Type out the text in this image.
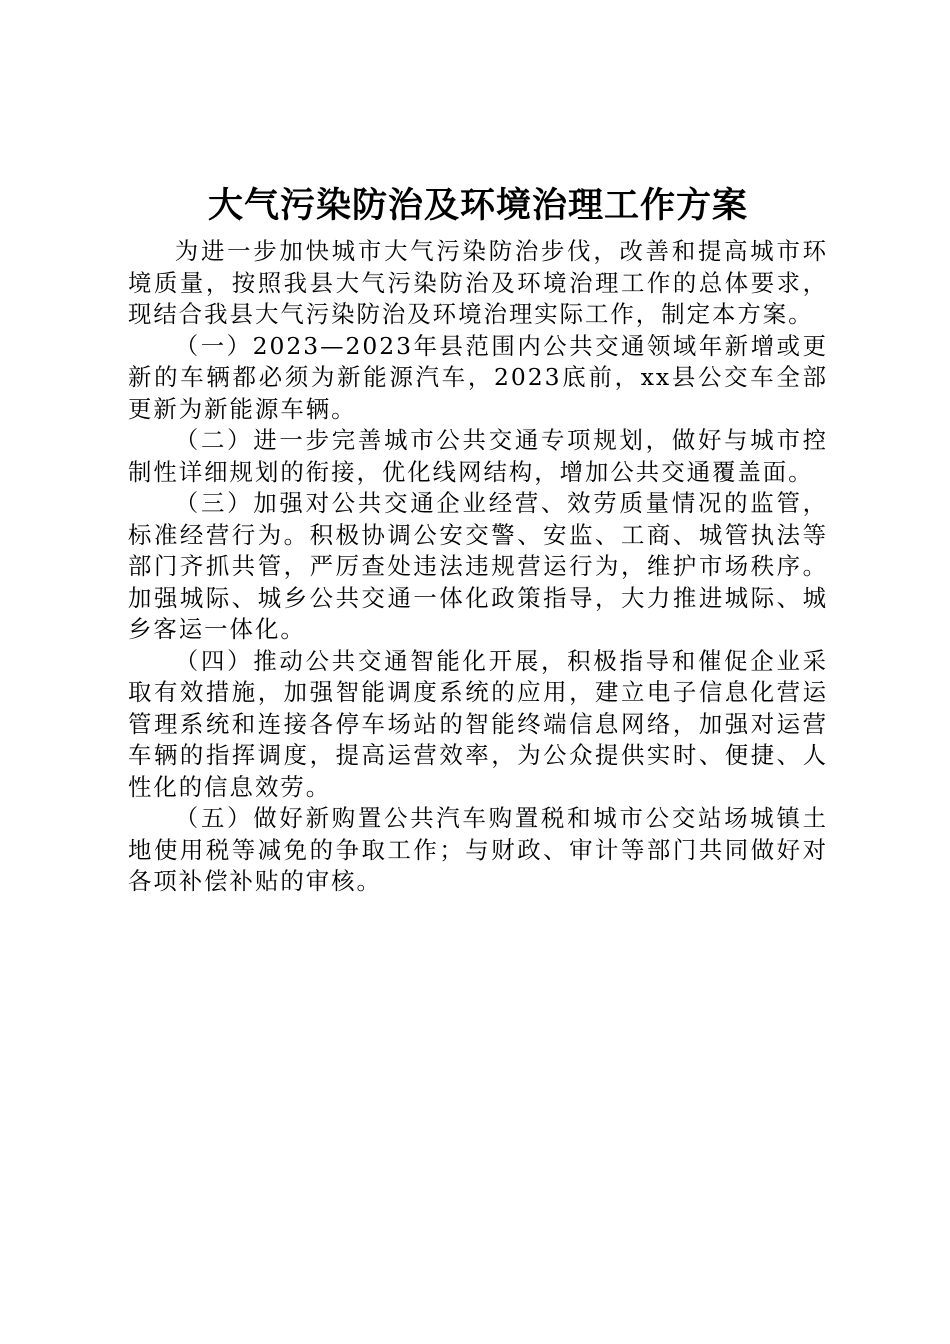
大气污染防治及环境治理工作方案

为进一步加快城市大气污染防治步伐，改善和提高城市环境质量，按照我县大气污染防治及环境治理工作的总体要求，现结合我县大气污染防治及环境治理实际工作，制定本方案。

（一）2023—2023年县范围内公共交通领域年新增或更新的车辆都必须为新能源汽车，2023底前，xx县公交车全部更新为新能源车辆。

（二）进一步完善城市公共交通专项规划，做好与城市控制性详细规划的衔接，优化线网结构，增加公共交通覆盖面。

（三）加强对公共交通企业经营、效劳质量情况的监管，标准经营行为。积极协调公安交警、安监、工商、城管执法等部门齐抓共管，严厉查处违法违规营运行为，维护市场秩序。加强城际、城乡公共交通一体化政策指导，大力推进城际、城乡客运一体化。

（四）推动公共交通智能化开展，积极指导和催促企业采取有效措施，加强智能调度系统的应用，建立电子信息化营运管理系统和连接各停车场站的智能终端信息网络，加强对运营车辆的指挥调度，提高运营效率，为公众提供实时、便捷、人性化的信息效劳。

（五）做好新购置公共汽车购置税和城市公交站场城镇土地使用税等减免的争取工作；与财政、审计等部门共同做好对各项补偿补贴的审核。
